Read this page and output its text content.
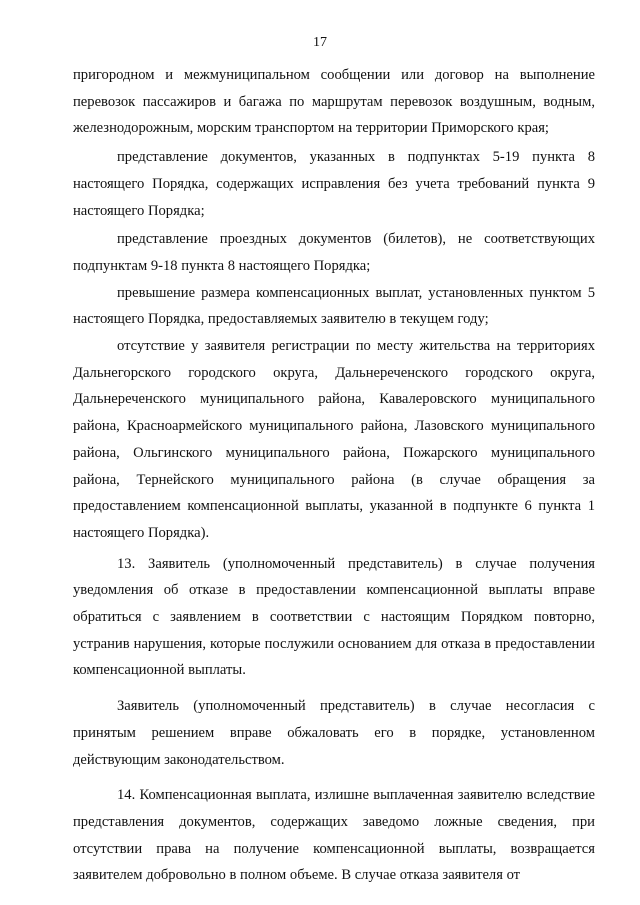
17

пригородном и межмуниципальном сообщении или договор на выполнение перевозок пассажиров и багажа по маршрутам перевозок воздушным, водным, железнодорожным, морским транспортом на территории Приморского края;

представление документов, указанных в подпунктах 5-19 пункта 8 настоящего Порядка, содержащих исправления без учета требований пункта 9 настоящего Порядка;

представление проездных документов (билетов), не соответствующих подпунктам 9-18 пункта 8 настоящего Порядка;

превышение размера компенсационных выплат, установленных пунктом 5 настоящего Порядка, предоставляемых заявителю в текущем году;

отсутствие у заявителя регистрации по месту жительства на территориях Дальнегорского городского округа, Дальнереченского городского округа, Дальнереченского муниципального района, Кавалеровского муниципального района, Красноармейского муниципального района, Лазовского муниципального района, Ольгинского муниципального района, Пожарского муниципального района, Тернейского муниципального района (в случае обращения за предоставлением компенсационной выплаты, указанной в подпункте 6 пункта 1 настоящего Порядка).

13. Заявитель (уполномоченный представитель) в случае получения уведомления об отказе в предоставлении компенсационной выплаты вправе обратиться с заявлением в соответствии с настоящим Порядком повторно, устранив нарушения, которые послужили основанием для отказа в предоставлении компенсационной выплаты.

Заявитель (уполномоченный представитель) в случае несогласия с принятым решением вправе обжаловать его в порядке, установленном действующим законодательством.

14. Компенсационная выплата, излишне выплаченная заявителю вследствие представления документов, содержащих заведомо ложные сведения, при отсутствии права на получение компенсационной выплаты, возвращается заявителем добровольно в полном объеме. В случае отказа заявителя от
